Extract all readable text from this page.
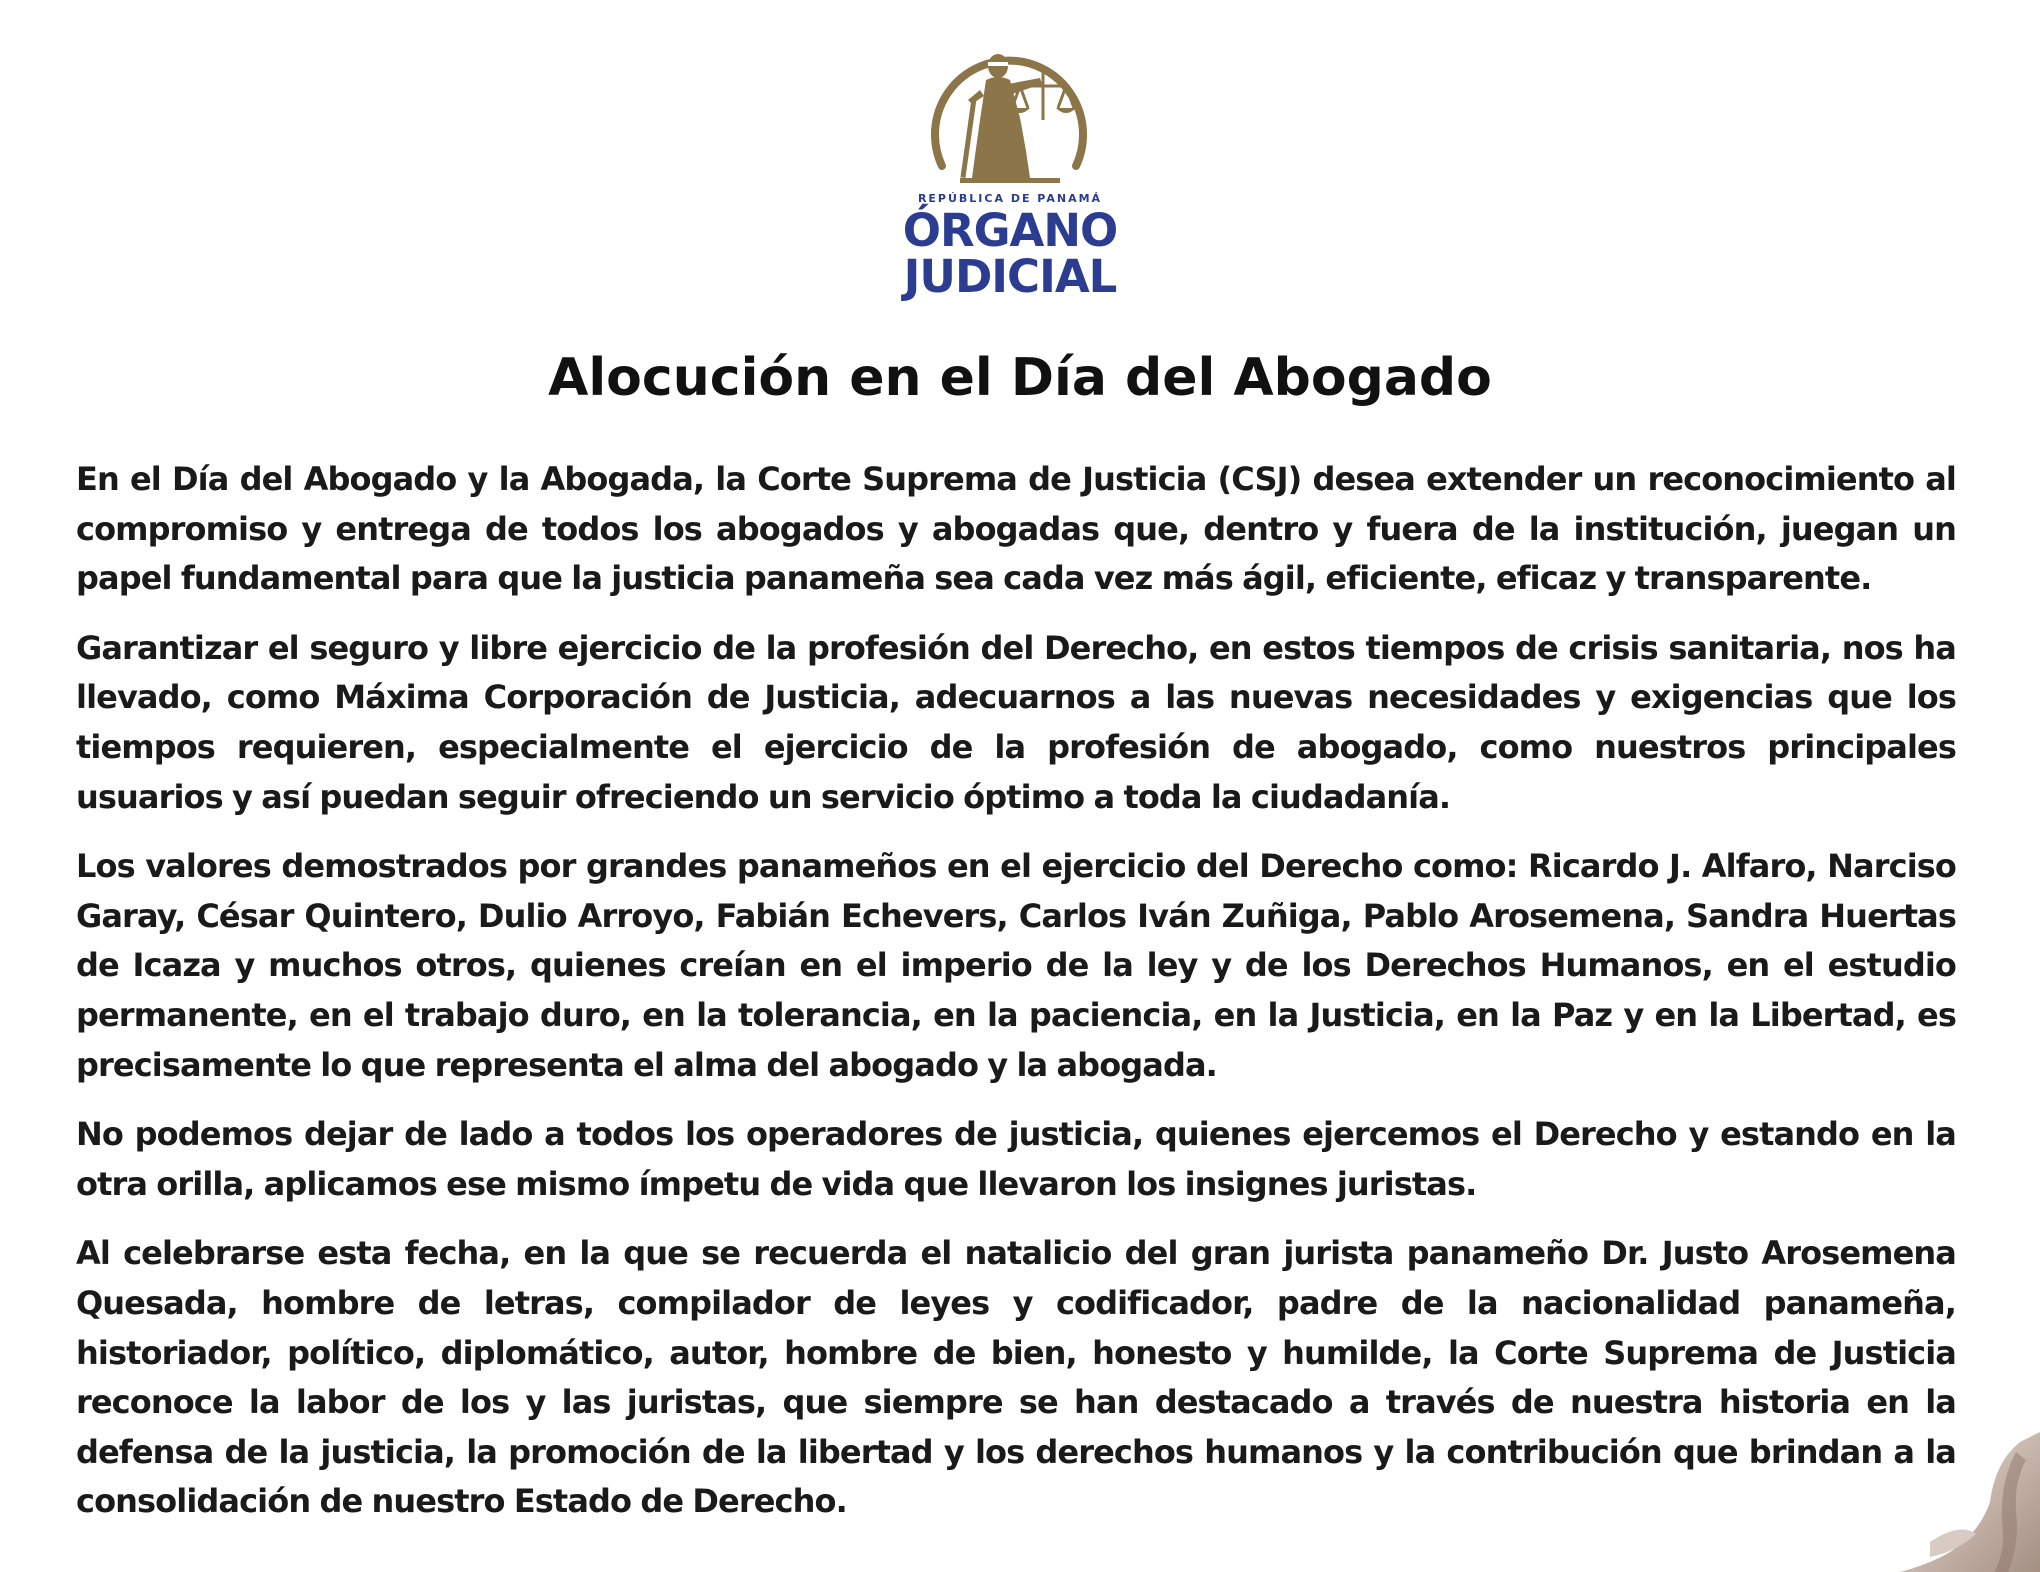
REPÚBLICA DE PANAMÁ
ÓRGANO
JUDICIAL
Alocución en el Día del Abogado

En el Día del Abogado y la Abogada, la Corte Suprema de Justicia (CSJ) desea extender un reconocimiento al compromiso y entrega de todos los abogados y abogadas que, dentro y fuera de la institución, juegan un papel fundamental para que la justicia panameña sea cada vez más ágil, eficiente, eficaz y transparente.

Garantizar el seguro y libre ejercicio de la profesión del Derecho, en estos tiempos de crisis sanitaria, nos ha llevado, como Máxima Corporación de Justicia, adecuarnos a las nuevas necesidades y exigencias que los tiempos requieren, especialmente el ejercicio de la profesión de abogado, como nuestros principales usuarios y así puedan seguir ofreciendo un servicio óptimo a toda la ciudadanía.

Los valores demostrados por grandes panameños en el ejercicio del Derecho como: Ricardo J. Alfaro, Narciso Garay, César Quintero, Dulio Arroyo, Fabián Echevers, Carlos Iván Zuñiga, Pablo Arosemena, Sandra Huertas de Icaza y muchos otros, quienes creían en el imperio de la ley y de los Derechos Humanos, en el estudio permanente, en el trabajo duro, en la tolerancia, en la paciencia, en la Justicia, en la Paz y en la Libertad, es precisamente lo que representa el alma del abogado y la abogada.

No podemos dejar de lado a todos los operadores de justicia, quienes ejercemos el Derecho y estando en la otra orilla, aplicamos ese mismo ímpetu de vida que llevaron los insignes juristas.

Al celebrarse esta fecha, en la que se recuerda el natalicio del gran jurista panameño Dr. Justo Arosemena Quesada, hombre de letras, compilador de leyes y codificador, padre de la nacionalidad panameña, historiador, político, diplomático, autor, hombre de bien, honesto y humilde, la Corte Suprema de Justicia reconoce la labor de los y las juristas, que siempre se han destacado a través de nuestra historia en la defensa de la justicia, la promoción de la libertad y los derechos humanos y la contribución que brindan a la consolidación de nuestro Estado de Derecho.
